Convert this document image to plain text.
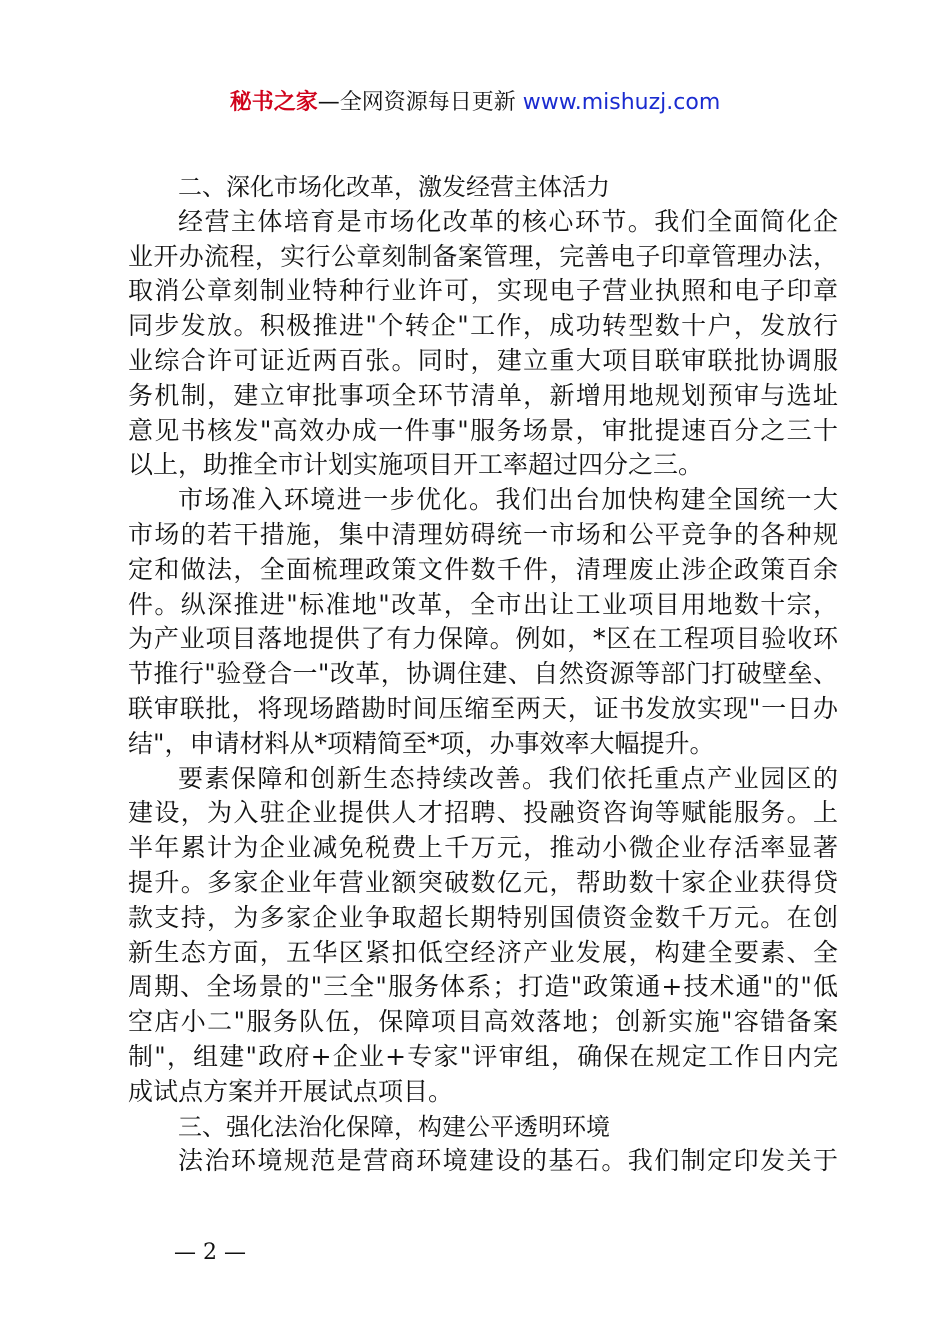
秘书之家—全网资源每日更新 www.mishuzj.com
二、深化市场化改革，激发经营主体活力
经营主体培育是市场化改革的核心环节。我们全面简化企
业开办流程，实行公章刻制备案管理，完善电子印章管理办法，
取消公章刻制业特种行业许可，实现电子营业执照和电子印章
同步发放。积极推进"个转企"工作，成功转型数十户，发放行
业综合许可证近两百张。同时，建立重大项目联审联批协调服
务机制，建立审批事项全环节清单，新增用地规划预审与选址
意见书核发"高效办成一件事"服务场景，审批提速百分之三十
以上，助推全市计划实施项目开工率超过四分之三。
市场准入环境进一步优化。我们出台加快构建全国统一大
市场的若干措施，集中清理妨碍统一市场和公平竞争的各种规
定和做法，全面梳理政策文件数千件，清理废止涉企政策百余
件。纵深推进"标准地"改革，全市出让工业项目用地数十宗，
为产业项目落地提供了有力保障。例如，*区在工程项目验收环
节推行"验登合一"改革，协调住建、自然资源等部门打破壁垒、
联审联批，将现场踏勘时间压缩至两天，证书发放实现"一日办
结"，申请材料从*项精简至*项，办事效率大幅提升。
要素保障和创新生态持续改善。我们依托重点产业园区的
建设，为入驻企业提供人才招聘、投融资咨询等赋能服务。上
半年累计为企业减免税费上千万元，推动小微企业存活率显著
提升。多家企业年营业额突破数亿元，帮助数十家企业获得贷
款支持，为多家企业争取超长期特别国债资金数千万元。在创
新生态方面，五华区紧扣低空经济产业发展，构建全要素、全
周期、全场景的"三全"服务体系；打造"政策通+技术通"的"低
空店小二"服务队伍，保障项目高效落地；创新实施"容错备案
制"，组建"政府+企业+专家"评审组，确保在规定工作日内完
成试点方案并开展试点项目。
三、强化法治化保障，构建公平透明环境
法治环境规范是营商环境建设的基石。我们制定印发关于
— 2 —
